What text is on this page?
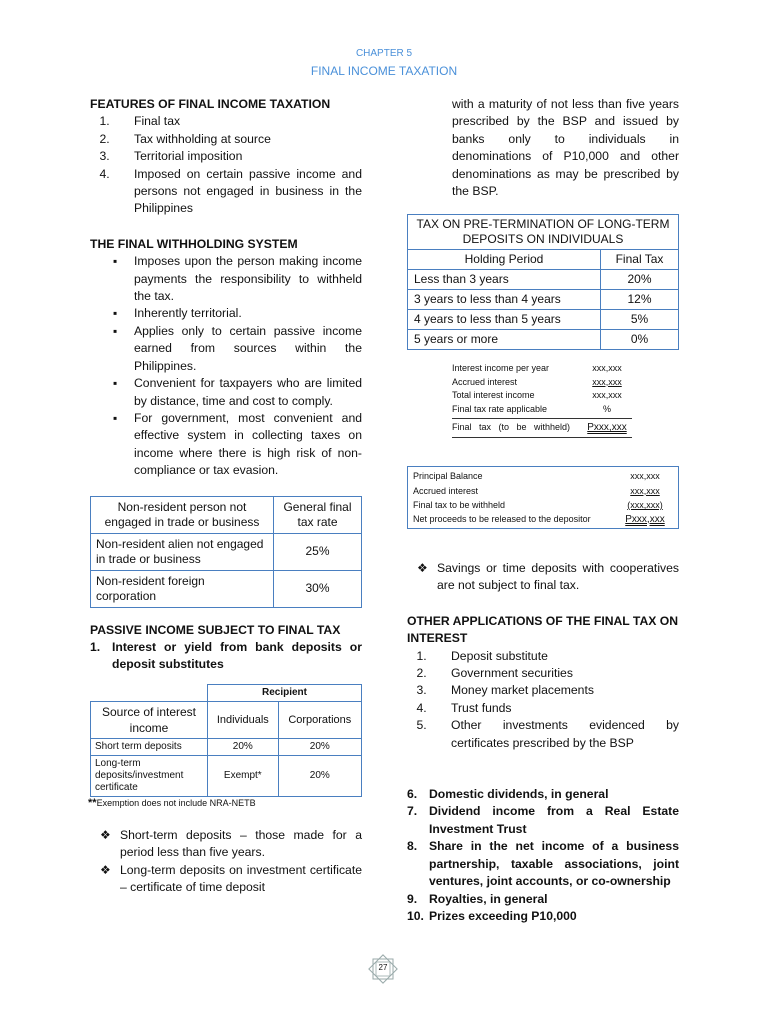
CHAPTER 5
FINAL INCOME TAXATION
FEATURES OF FINAL INCOME TAXATION
1. Final tax
2. Tax withholding at source
3. Territorial imposition
4. Imposed on certain passive income and persons not engaged in business in the Philippines
THE FINAL WITHHOLDING SYSTEM
▪ Imposes upon the person making income payments the responsibility to withheld the tax.
▪ Inherently territorial.
▪ Applies only to certain passive income earned from sources within the Philippines.
▪ Convenient for taxpayers who are limited by distance, time and cost to comply.
▪ For government, most convenient and effective system in collecting taxes on income where there is high risk of non-compliance or tax evasion.
Non-resident person not engaged in trade or business	General final tax rate
Non-resident alien not engaged in trade or business	25%
Non-resident foreign corporation	30%
PASSIVE INCOME SUBJECT TO FINAL TAX
1. Interest or yield from bank deposits or deposit substitutes
	Recipient	
Source of interest income	Individuals	Corporations
Short term deposits	20%	20%
Long-term deposits/investment certificate	Exempt*	20%
**Exemption does not include NRA-NETB
❖ Short-term deposits – those made for a period less than five years.
❖ Long-term deposits on investment certificate – certificate of time deposit
with a maturity of not less than five years prescribed by the BSP and issued by banks only to individuals in denominations of P10,000 and other denominations as may be prescribed by the BSP.
TAX ON PRE-TERMINATION OF LONG-TERM DEPOSITS ON INDIVIDUALS	
Holding Period	Final Tax
Less than 3 years	20%
3 years to less than 4 years	12%
4 years to less than 5 years	5%
5 years or more	0%
Interest income per year	xxx,xxx
Accrued interest	xxx,xxx
Total interest income	xxx,xxx
Final tax rate applicable	%
Final tax (to be withheld)	Pxxx,xxx
Principal Balance	xxx,xxx
Accrued interest	xxx,xxx
Final tax to be withheld	(xxx,xxx)
Net proceeds to be released to the depositor	Pxxx,xxx
❖ Savings or time deposits with cooperatives are not subject to final tax.
OTHER APPLICATIONS OF THE FINAL TAX ON INTEREST
1. Deposit substitute
2. Government securities
3. Money market placements
4. Trust funds
5. Other investments evidenced by certificates prescribed by the BSP
6. Domestic dividends, in general
7. Dividend income from a Real Estate Investment Trust
8. Share in the net income of a business partnership, taxable associations, joint ventures, joint accounts, or co-ownership
9. Royalties, in general
10. Prizes exceeding P10,000
27
